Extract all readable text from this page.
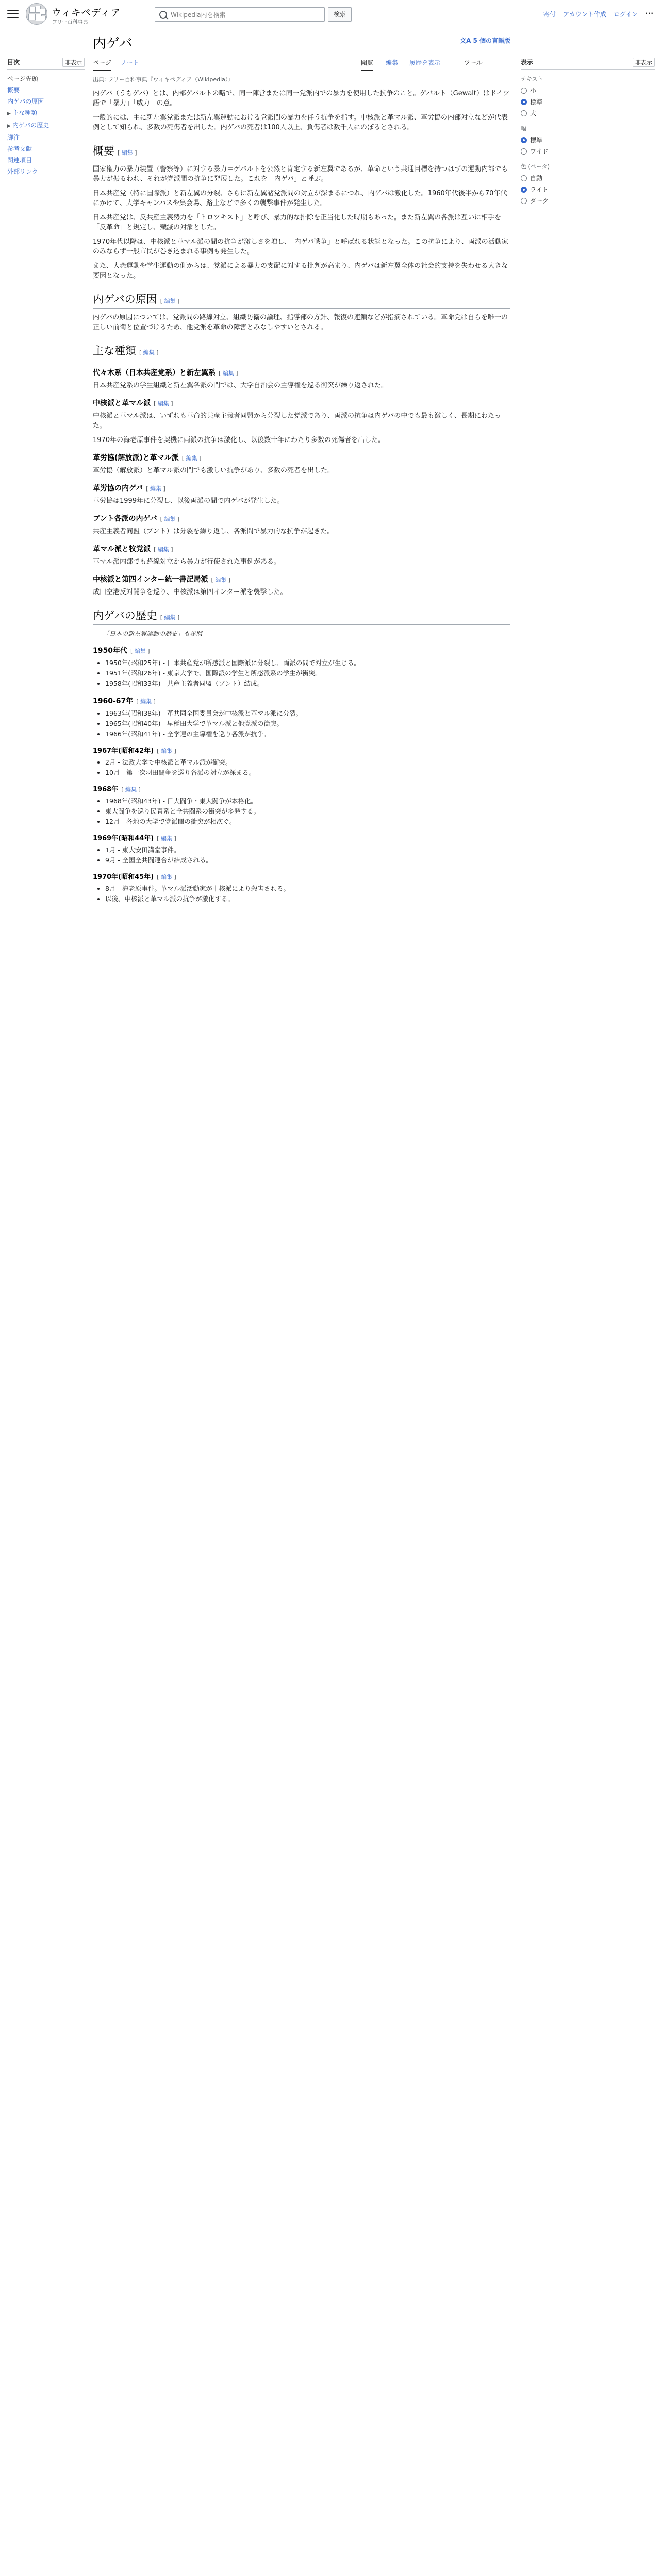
ウィキペディア
フリー百科事典
Wikipedia内を検索
検索	寄付 アカウント作成 ログイン ···
目次	非表示
ページ先頭
概要
内ゲバの原因
▶ 主な種類
▶ 内ゲバの歴史
脚注
参考文献
関連項目
外部リンク
内ゲバ	文A 5 個の言語版
ページ ノート	閲覧 編集 履歴を表示	ツール
出典: フリー百科事典『ウィキペディア（Wikipedia）』

内ゲバ（うちゲバ）とは、内部ゲバルトの略で、同一陣営または同一党派内での暴力を使用した抗争のこと。ゲバルト（Gewalt）はドイツ語で「暴力」「威力」の意。

一般的には、主に新左翼党派または新左翼運動における党派間の暴力を伴う抗争を指す。中核派と革マル派、革労協の内部対立などが代表例として知られ、多数の死傷者を出した。内ゲバの死者は100人以上、負傷者は数千人にのぼるとされる。

概要 [ 編集 ]

国家権力の暴力装置（警察等）に対する暴力＝ゲバルトを公然と肯定する新左翼であるが、革命という共通目標を持つはずの運動内部でも暴力が振るわれ、それが党派間の抗争に発展した。これを「内ゲバ」と呼ぶ。

日本共産党（特に国際派）と新左翼の分裂、さらに新左翼諸党派間の対立が深まるにつれ、内ゲバは激化した。1960年代後半から70年代にかけて、大学キャンパスや集会場、路上などで多くの襲撃事件が発生した。

日本共産党は、反共産主義勢力を「トロツキスト」と呼び、暴力的な排除を正当化した時期もあった。また新左翼の各派は互いに相手を「反革命」と規定し、殲滅の対象とした。

1970年代以降は、中核派と革マル派の間の抗争が激しさを増し、「内ゲバ戦争」と呼ばれる状態となった。この抗争により、両派の活動家のみならず一般市民が巻き込まれる事例も発生した。

また、大衆運動や学生運動の側からは、党派による暴力の支配に対する批判が高まり、内ゲバは新左翼全体の社会的支持を失わせる大きな要因となった。

内ゲバの原因 [ 編集 ]

内ゲバの原因については、党派間の路線対立、組織防衛の論理、指導部の方針、報復の連鎖などが指摘されている。革命党は自らを唯一の正しい前衛と位置づけるため、他党派を革命の障害とみなしやすいとされる。

主な種類 [ 編集 ]
代々木系（日本共産党系）と新左翼系 [ 編集 ]

日本共産党系の学生組織と新左翼各派の間では、大学自治会の主導権を巡る衝突が繰り返された。

中核派と革マル派 [ 編集 ]

中核派と革マル派は、いずれも革命的共産主義者同盟から分裂した党派であり、両派の抗争は内ゲバの中でも最も激しく、長期にわたった。

1970年の海老原事件を契機に両派の抗争は激化し、以後数十年にわたり多数の死傷者を出した。

革労協(解放派)と革マル派 [ 編集 ]

革労協（解放派）と革マル派の間でも激しい抗争があり、多数の死者を出した。

革労協の内ゲバ [ 編集 ]

革労協は1999年に分裂し、以後両派の間で内ゲバが発生した。

ブント各派の内ゲバ [ 編集 ]

共産主義者同盟（ブント）は分裂を繰り返し、各派間で暴力的な抗争が起きた。

革マル派と牧党派 [ 編集 ]

革マル派内部でも路線対立から暴力が行使された事例がある。

中核派と第四インター統一書記局派 [ 編集 ]

成田空港反対闘争を巡り、中核派は第四インター派を襲撃した。

内ゲバの歴史 [ 編集 ]
「日本の新左翼運動の歴史」も参照
1950年代 [ 編集 ]
• 1950年(昭和25年) - 日本共産党が所感派と国際派に分裂し、両派の間で対立が生じる。
• 1951年(昭和26年) - 東京大学で、国際派の学生と所感派系の学生が衝突。
• 1958年(昭和33年) - 共産主義者同盟（ブント）結成。
1960-67年 [ 編集 ]
• 1963年(昭和38年) - 革共同全国委員会が中核派と革マル派に分裂。
• 1965年(昭和40年) - 早稲田大学で革マル派と他党派の衝突。
• 1966年(昭和41年) - 全学連の主導権を巡り各派が抗争。
1967年(昭和42年) [ 編集 ]
• 2月 - 法政大学で中核派と革マル派が衝突。
• 10月 - 第一次羽田闘争を巡り各派の対立が深まる。
1968年 [ 編集 ]
• 1968年(昭和43年) - 日大闘争・東大闘争が本格化。
• 東大闘争を巡り民青系と全共闘系の衝突が多発する。
• 12月 - 各地の大学で党派間の衝突が相次ぐ。
1969年(昭和44年) [ 編集 ]
• 1月 - 東大安田講堂事件。
• 9月 - 全国全共闘連合が結成される。
1970年(昭和45年) [ 編集 ]
• 8月 - 海老原事件。革マル派活動家が中核派により殺害される。
• 以後、中核派と革マル派の抗争が激化する。
表示	非表示
テキスト
小
標準
大
幅
標準
ワイド
色 (ベータ)
自動
ライト
ダーク
